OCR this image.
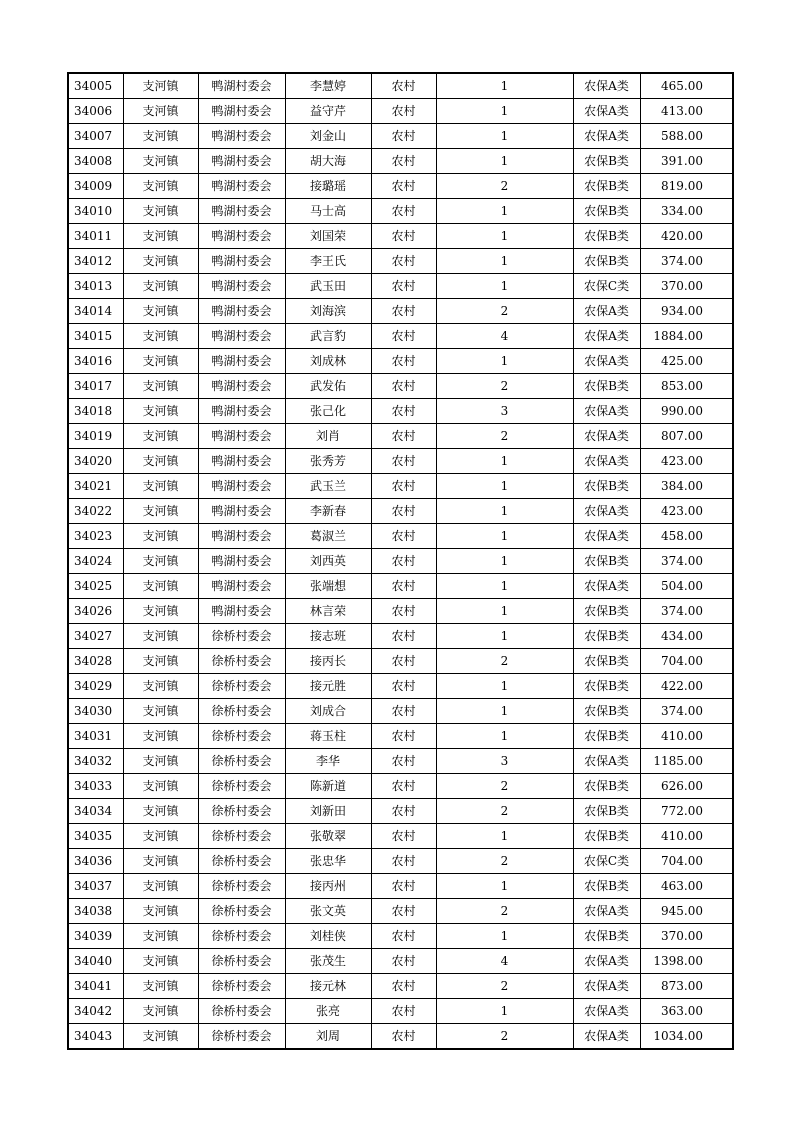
34005	支河镇	鸭湖村委会	李慧婷	农村	1	农保A类	465.00
34006	支河镇	鸭湖村委会	益守芹	农村	1	农保A类	413.00
34007	支河镇	鸭湖村委会	刘金山	农村	1	农保A类	588.00
34008	支河镇	鸭湖村委会	胡大海	农村	1	农保B类	391.00
34009	支河镇	鸭湖村委会	接璐瑶	农村	2	农保B类	819.00
34010	支河镇	鸭湖村委会	马士高	农村	1	农保B类	334.00
34011	支河镇	鸭湖村委会	刘国荣	农村	1	农保B类	420.00
34012	支河镇	鸭湖村委会	李王氏	农村	1	农保B类	374.00
34013	支河镇	鸭湖村委会	武玉田	农村	1	农保C类	370.00
34014	支河镇	鸭湖村委会	刘海滨	农村	2	农保A类	934.00
34015	支河镇	鸭湖村委会	武言豹	农村	4	农保A类	1884.00
34016	支河镇	鸭湖村委会	刘成林	农村	1	农保A类	425.00
34017	支河镇	鸭湖村委会	武发佑	农村	2	农保B类	853.00
34018	支河镇	鸭湖村委会	张己化	农村	3	农保A类	990.00
34019	支河镇	鸭湖村委会	刘肖	农村	2	农保A类	807.00
34020	支河镇	鸭湖村委会	张秀芳	农村	1	农保A类	423.00
34021	支河镇	鸭湖村委会	武玉兰	农村	1	农保B类	384.00
34022	支河镇	鸭湖村委会	李新春	农村	1	农保A类	423.00
34023	支河镇	鸭湖村委会	葛淑兰	农村	1	农保A类	458.00
34024	支河镇	鸭湖村委会	刘西英	农村	1	农保B类	374.00
34025	支河镇	鸭湖村委会	张端想	农村	1	农保A类	504.00
34026	支河镇	鸭湖村委会	林言荣	农村	1	农保B类	374.00
34027	支河镇	徐桥村委会	接志班	农村	1	农保B类	434.00
34028	支河镇	徐桥村委会	接丙长	农村	2	农保B类	704.00
34029	支河镇	徐桥村委会	接元胜	农村	1	农保B类	422.00
34030	支河镇	徐桥村委会	刘成合	农村	1	农保B类	374.00
34031	支河镇	徐桥村委会	蒋玉柱	农村	1	农保B类	410.00
34032	支河镇	徐桥村委会	李华	农村	3	农保A类	1185.00
34033	支河镇	徐桥村委会	陈新道	农村	2	农保B类	626.00
34034	支河镇	徐桥村委会	刘新田	农村	2	农保B类	772.00
34035	支河镇	徐桥村委会	张敬翠	农村	1	农保B类	410.00
34036	支河镇	徐桥村委会	张忠华	农村	2	农保C类	704.00
34037	支河镇	徐桥村委会	接丙州	农村	1	农保B类	463.00
34038	支河镇	徐桥村委会	张文英	农村	2	农保A类	945.00
34039	支河镇	徐桥村委会	刘桂侠	农村	1	农保B类	370.00
34040	支河镇	徐桥村委会	张茂生	农村	4	农保A类	1398.00
34041	支河镇	徐桥村委会	接元林	农村	2	农保A类	873.00
34042	支河镇	徐桥村委会	张亮	农村	1	农保A类	363.00
34043	支河镇	徐桥村委会	刘周	农村	2	农保A类	1034.00
